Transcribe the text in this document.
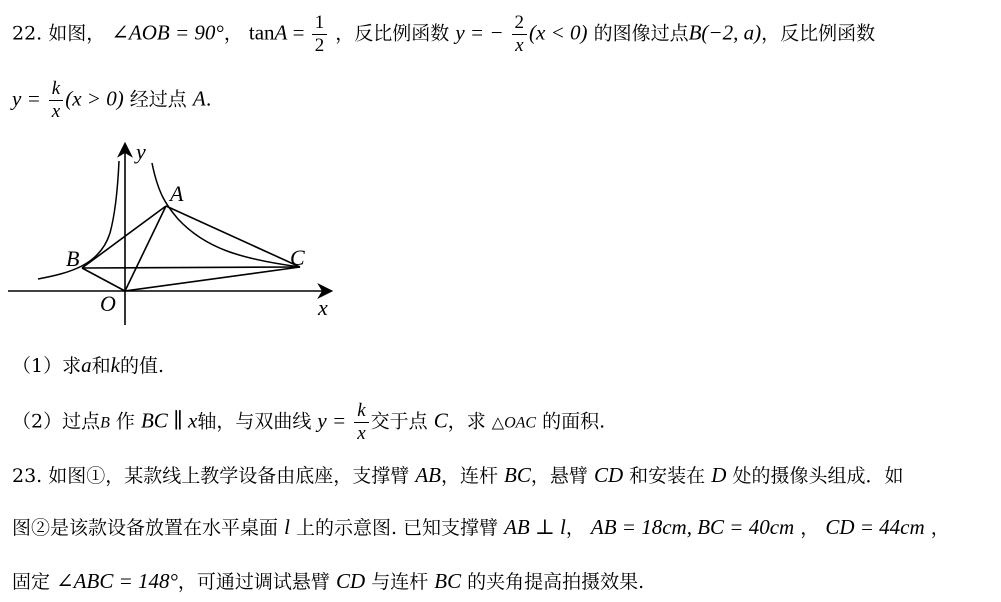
22. 如图， ∠AOB = 90°， $\tan A = \frac{1}{2}$ ，反比例函数 y = − $\frac{2}{x} (x < 0)$ 的图像过点B(−2, a)，反比例函数
$y = \frac{k}{x} (x > 0)$ 经过点 A.
y
x
A
B	C
O
（1）求a和k的值.
（2）过点B 作 BC ∥ x轴，与双曲线 $y = \frac{k}{x}$ 交于点 C，求 △OAC 的面积.
23. 如图①，某款线上教学设备由底座，支撑臂 AB，连杆 BC，悬臂 CD 和安装在 D 处的摄像头组成．如
图②是该款设备放置在水平桌面 l 上的示意图. 已知支撑臂 AB ⊥ l， AB = 18cm, BC = 40cm ， CD = 44cm ，
固定 ∠ABC = 148°，可通过调试悬臂 CD 与连杆 BC 的夹角提高拍摄效果.
